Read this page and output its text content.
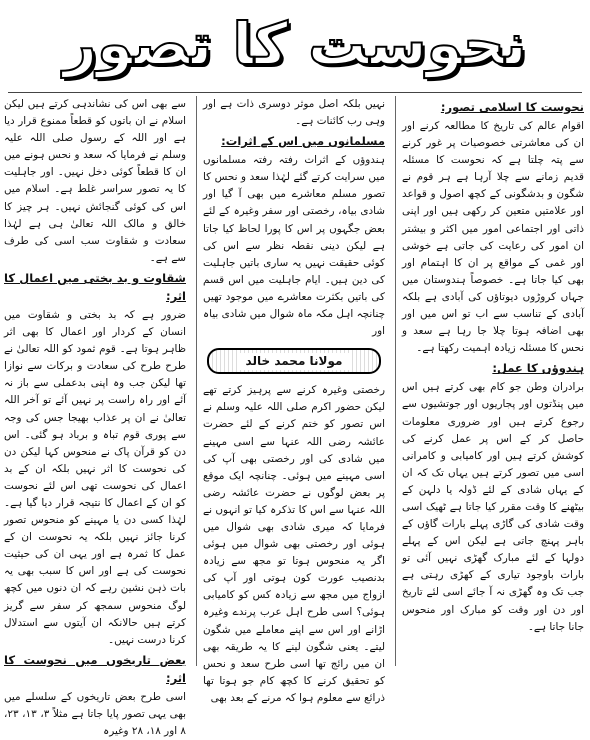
نحوست کا تصور
نحوست کا اسلامی تصور:

اقوام عالم کی تاریخ کا مطالعہ کرنے اور ان کی معاشرتی خصوصیات پر غور کرنے سے پتہ چلتا ہے کہ نحوست کا مسئلہ قدیم زمانے سے چلا آرہا ہے ہر قوم نے شگون و بدشگونی کے کچھ اصول و قواعد اور علامتیں متعین کر رکھی ہیں اور اپنی ذاتی اور اجتماعی امور میں اکثر و بیشتر ان امور کی رعایت کی جاتی ہے خوشی اور غمی کے مواقع پر ان کا اہتمام اور بھی کیا جاتا ہے۔ خصوصاً ہندوستان میں جہاں کروڑوں دیوتاؤں کی آبادی ہے بلکہ آبادی کے تناسب سے اب تو اس میں اور بھی اضافہ ہوتا چلا جا رہا ہے سعد و نحس کا مسئلہ زیادہ اہمیت رکھتا ہے۔

ہندوؤں کا عمل:

برادران وطن جو کام بھی کرتے ہیں اس میں پنڈتوں اور پجاریوں اور جوتشیوں سے رجوع کرتے ہیں اور ضروری معلومات حاصل کر کے اس پر عمل کرنے کی کوشش کرتے ہیں اور کامیابی و کامرانی اسی میں تصور کرتے ہیں یہاں تک کہ ان کے یہاں شادی کے لئے ڈولہ یا دلہن کے بیٹھنے کا وقت مقرر کیا جاتا ہے ٹھیک اسی وقت شادی کی گاڑی پہلے بارات گاؤں کے باہر پہنچ جاتی ہے لیکن اس کے پہلے دولہا کے لئے مبارک گھڑی نہیں آئی تو بارات باوجود تیاری کے کھڑی رہتی ہے جب تک وہ گھڑی نہ آ جائے اسی لئے تاریخ اور دن اور وقت کو مبارک اور منحوس جانا جاتا ہے۔

نہیں بلکہ اصل موثر دوسری ذات ہے اور وہی رب کائنات ہے۔

مسلمانوں میں اس کے اثرات:

ہندوؤں کے اثرات رفتہ رفتہ مسلمانوں میں سرایت کرتے گئے لہٰذا سعد و نحس کا تصور مسلم معاشرے میں بھی آ گیا اور شادی بیاہ، رخصتی اور سفر وغیرہ کے لئے بعض جگہوں پر اس کا پورا لحاظ کیا جاتا ہے لیکن دینی نقطہ نظر سے اس کی کوئی حقیقت نہیں یہ ساری باتیں جاہلیت کی دین ہیں۔ ایام جاہلیت میں اس قسم کی باتیں بکثرت معاشرے میں موجود تھیں چنانچہ اہل مکہ ماہ شوال میں شادی بیاہ اور

مولانا محمد خالد

رخصتی وغیرہ کرنے سے پرہیز کرتے تھے لیکن حضور اکرم صلی اللہ علیہ وسلم نے اس تصور کو ختم کرنے کے لئے حضرت عائشہ رضی اللہ عنہا سے اسی مہینے میں شادی کی اور رخصتی بھی آپ کی اسی مہینے میں ہوئی۔ چنانچہ ایک موقع پر بعض لوگوں نے حضرت عائشہ رضی اللہ عنہا سے اس کا تذکرہ کیا تو انہوں نے فرمایا کہ میری شادی بھی شوال میں ہوئی اور رخصتی بھی شوال میں ہوئی اگر یہ منحوس ہوتا تو مجھ سے زیادہ بدنصیب عورت کون ہوتی اور آپ کی ازواج میں مجھ سے زیادہ کس کو کامیابی ہوئی؟ اسی طرح اہل عرب پرندے وغیرہ اڑانے اور اس سے اپنے معاملے میں شگون لیتے۔ یعنی شگون لینے کا یہ طریقہ بھی ان میں رائج تھا اسی طرح سعد و نحس کو تحقیق کرنے کا کچھ کام جو ہوتا تھا ذرائع سے معلوم ہوا کہ مرنے کے بعد بھی

سے بھی اس کی نشاندہی کرتے ہیں لیکن اسلام نے ان باتوں کو قطعاً ممنوع قرار دیا ہے اور اللہ کے رسول صلی اللہ علیہ وسلم نے فرمایا کہ سعد و نحس ہونے میں ان کا قطعاً کوئی دخل نہیں۔ اور جاہلیت کا یہ تصور سراسر غلط ہے۔ اسلام میں اس کی کوئی گنجائش نہیں۔ ہر چیز کا خالق و مالک اللہ تعالیٰ ہی ہے لہٰذا سعادت و شقاوت سب اسی کی طرف سے ہے۔

شقاوت و بد بختی میں اعمال کا اثر:

ضرور ہے کہ بد بختی و شقاوت میں انسان کے کردار اور اعمال کا بھی اثر ظاہر ہوتا ہے۔ قوم ثمود کو اللہ تعالیٰ نے طرح طرح کی سعادت و برکات سے نوازا تھا لیکن جب وہ اپنی بدعملی سے باز نہ آئے اور راہ راست پر نہیں آئے تو آخر اللہ تعالیٰ نے ان پر عذاب بھیجا جس کی وجہ سے پوری قوم تباہ و برباد ہو گئی۔ اس دن کو قرآن پاک نے منحوس کہا لیکن دن کی نحوست کا اثر نہیں بلکہ ان کے بد اعمال کی نحوست تھی اس لئے نحوست کو ان کے اعمال کا نتیجہ قرار دیا گیا ہے۔ لہٰذا کسی دن یا مہینے کو منحوس تصور کرنا جائز نہیں بلکہ یہ نحوست ان کے عمل کا ثمرہ ہے اور یہی ان کی حیثیت نحوست کی ہے اور اس کا سبب بھی یہ بات ذہن نشین رہے کہ ان دنوں میں کچھ لوگ منحوس سمجھ کر سفر سے گریز کرتے ہیں حالانکہ ان آیتوں سے استدلال کرنا درست نہیں۔

بعض تاریخوں میں نحوست کا اثر:

اسی طرح بعض تاریخوں کے سلسلے میں بھی یہی تصور پایا جاتا ہے مثلاً ۳، ۱۳، ۲۳، ۸ اور ۱۸، ۲۸ وغیرہ
